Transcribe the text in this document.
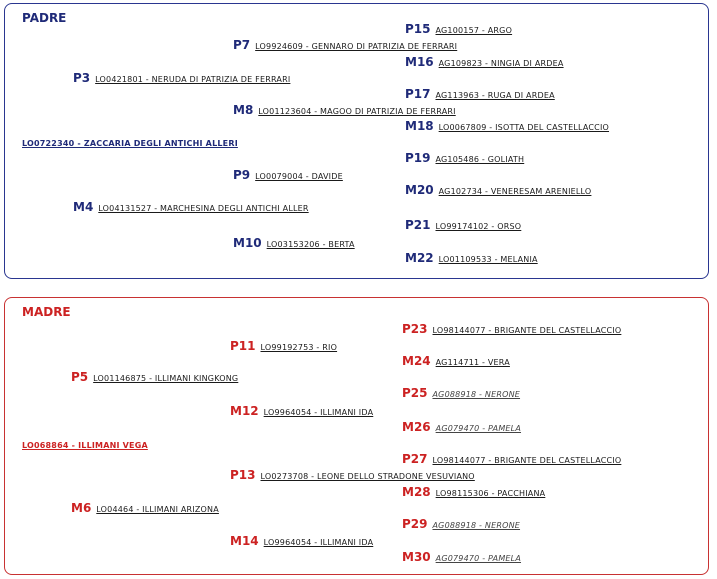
PADRE
LO0722340 - ZACCARIA DEGLI ANTICHI ALLERI
P3 LO0421801 - NERUDA DI PATRIZIA DE FERRARI
M4 LO04131527 - MARCHESINA DEGLI ANTICHI ALLER
P7 LO9924609 - GENNARO DI PATRIZIA DE FERRARI
M8 LO01123604 - MAGOO DI PATRIZIA DE FERRARI
P9 LO0079004 - DAVIDE
M10 LO03153206 - BERTA
P15 AG100157 - ARGO
M16 AG109823 - NINGIA DI ARDEA
P17 AG113963 - RUGA DI ARDEA
M18 LO0067809 - ISOTTA DEL CASTELLACCIO
P19 AG105486 - GOLIATH
M20 AG102734 - VENERESAM ARENIELLO
P21 LO99174102 - ORSO
M22 LO01109533 - MELANIA
MADRE
LO068864 - ILLIMANI VEGA
P5 LO01146875 - ILLIMANI KINGKONG
M6 LO04464 - ILLIMANI ARIZONA
P11 LO99192753 - RIO
M12 LO9964054 - ILLIMANI IDA
P13 LO0273708 - LEONE DELLO STRADONE VESUVIANO
M14 LO9964054 - ILLIMANI IDA
P23 LO98144077 - BRIGANTE DEL CASTELLACCIO
M24 AG114711 - VERA
P25 AG088918 - NERONE
M26 AG079470 - PAMELA
P27 LO98144077 - BRIGANTE DEL CASTELLACCIO
M28 LO98115306 - PACCHIANA
P29 AG088918 - NERONE
M30 AG079470 - PAMELA
